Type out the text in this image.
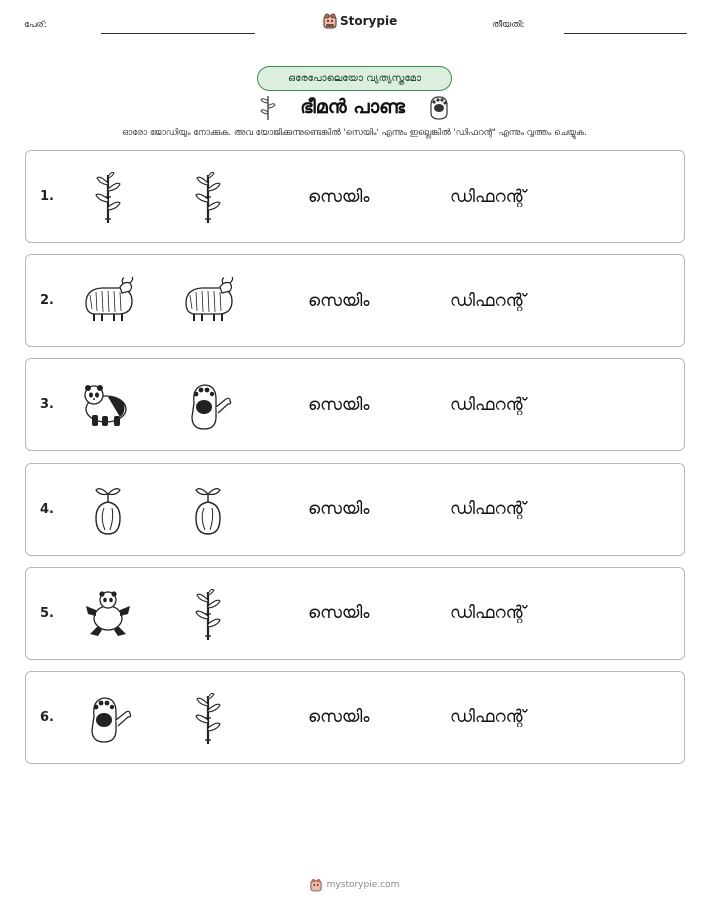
പേര്:	Storypie	തീയതി:
ഒരേപോലെയോ വ്യത്യസ്തമോ
ഭീമൻ പാണ്ട
ഓരോ ജോഡിയും നോക്കുക. അവ യോജിക്കുന്നുണ്ടെങ്കിൽ 'സെയിം' എന്നും ഇല്ലെങ്കിൽ 'ഡിഫറന്റ്' എന്നും വൃത്തം ചെയ്യുക.
1.	സെയിം	ഡിഫറന്റ്
2.	സെയിം	ഡിഫറന്റ്
3.	സെയിം	ഡിഫറന്റ്
4.	സെയിം	ഡിഫറന്റ്
5.	സെയിം	ഡിഫറന്റ്
6.	സെയിം	ഡിഫറന്റ്
mystorypie.com
